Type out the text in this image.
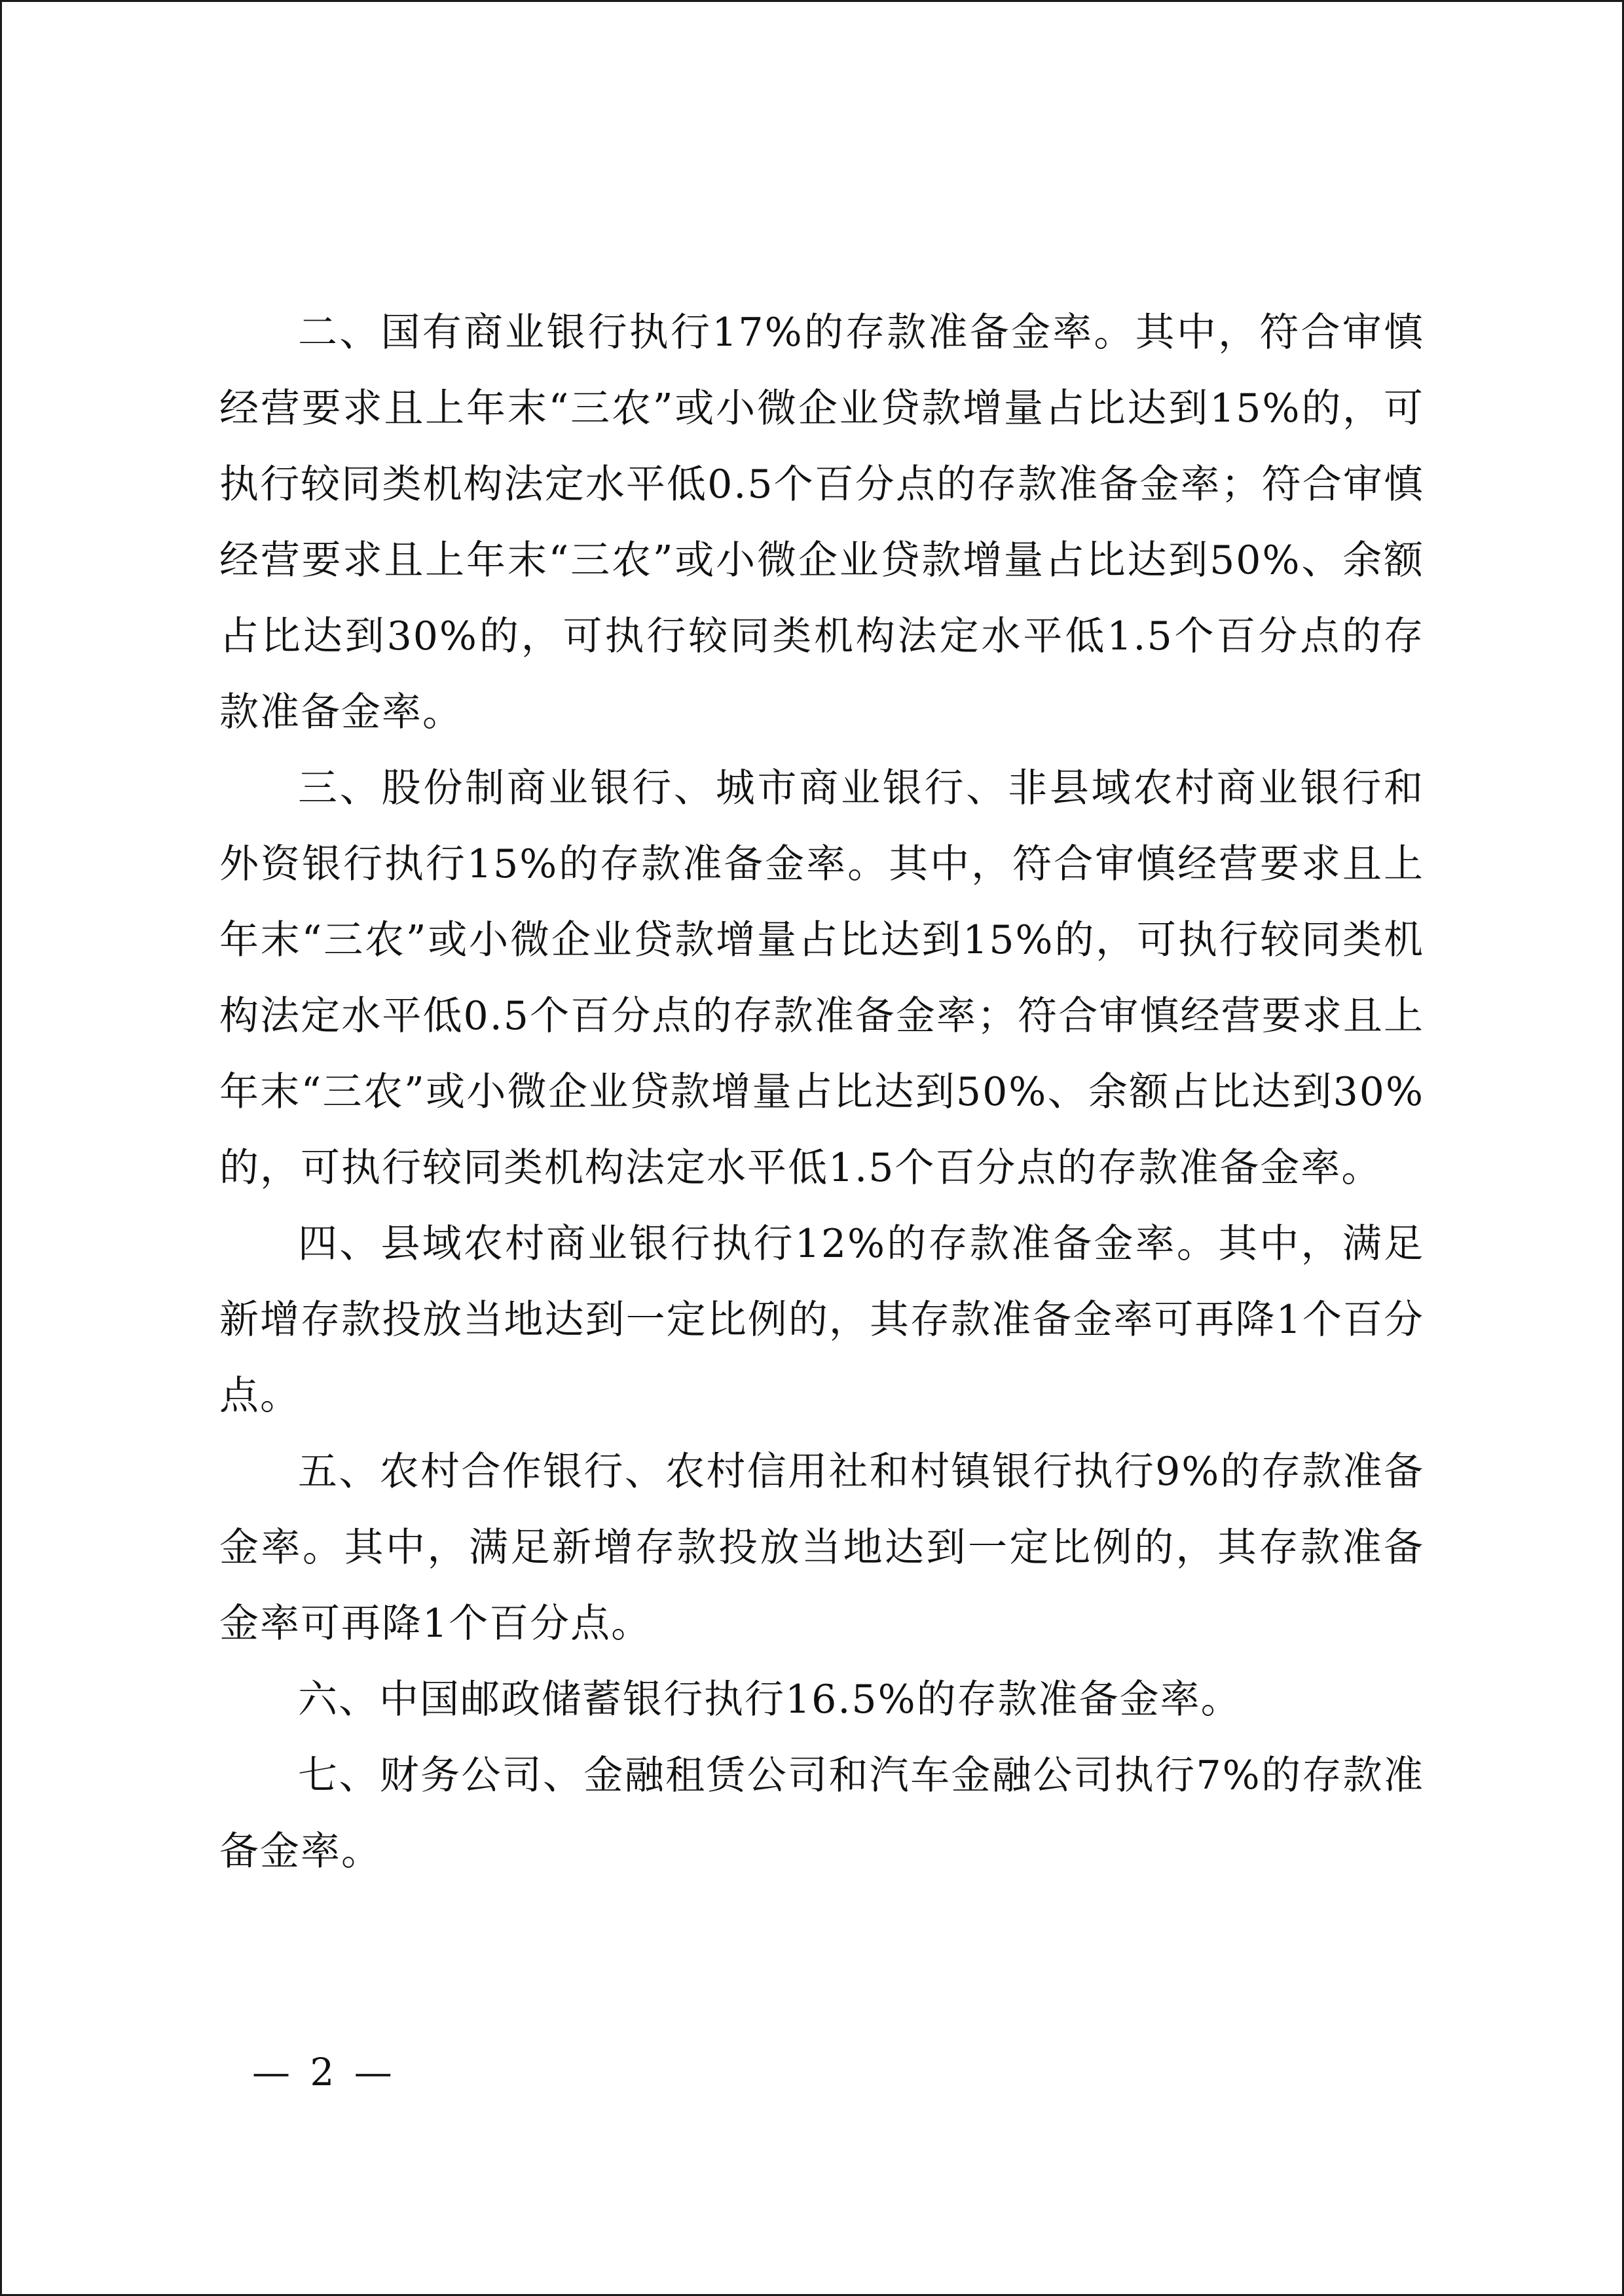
二、国有商业银行执行17%的存款准备金率。其中，符合审慎经营要求且上年末“三农”或小微企业贷款增量占比达到15%的，可执行较同类机构法定水平低0.5个百分点的存款准备金率；符合审慎经营要求且上年末“三农”或小微企业贷款增量占比达到50%、余额占比达到30%的，可执行较同类机构法定水平低1.5个百分点的存款准备金率。

三、股份制商业银行、城市商业银行、非县域农村商业银行和外资银行执行15%的存款准备金率。其中，符合审慎经营要求且上年末“三农”或小微企业贷款增量占比达到15%的，可执行较同类机构法定水平低0.5个百分点的存款准备金率；符合审慎经营要求且上年末“三农”或小微企业贷款增量占比达到50%、余额占比达到30%的，可执行较同类机构法定水平低1.5个百分点的存款准备金率。

四、县域农村商业银行执行12%的存款准备金率。其中，满足新增存款投放当地达到一定比例的，其存款准备金率可再降1个百分点。

五、农村合作银行、农村信用社和村镇银行执行9%的存款准备金率。其中，满足新增存款投放当地达到一定比例的，其存款准备金率可再降1个百分点。

六、中国邮政储蓄银行执行16.5%的存款准备金率。

七、财务公司、金融租赁公司和汽车金融公司执行7%的存款准备金率。

— 2 —
